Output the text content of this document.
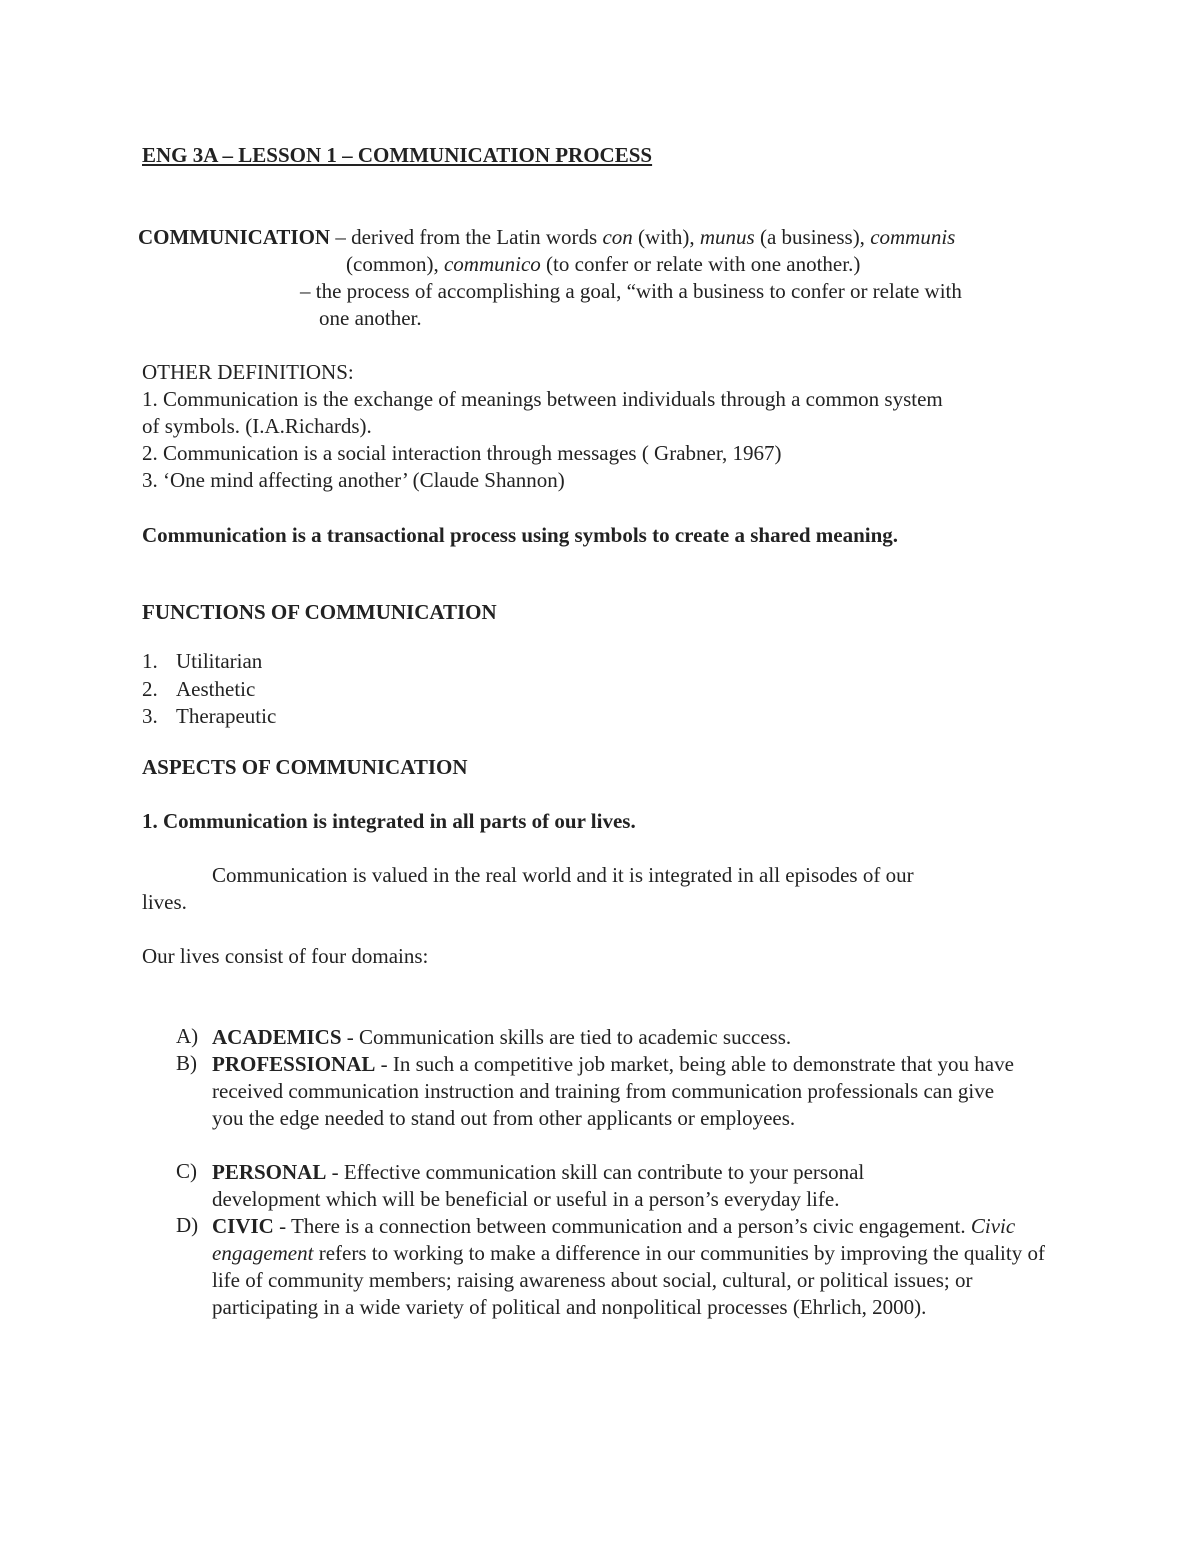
ENG 3A – LESSON 1 – COMMUNICATION PROCESS
COMMUNICATION – derived from the Latin words con (with), munus (a business), communis
(common), communico (to confer or relate with one another.)
– the process of accomplishing a goal, “with a business to confer or relate with
one another.
OTHER DEFINITIONS:
1. Communication is the exchange of meanings between individuals through a common system
of symbols. (I.A.Richards).
2. Communication is a social interaction through messages ( Grabner, 1967)
3. ‘One mind affecting another’ (Claude Shannon)
Communication is a transactional process using symbols to create a shared meaning.
FUNCTIONS OF COMMUNICATION
1. Utilitarian
2. Aesthetic
3. Therapeutic
ASPECTS OF COMMUNICATION
1. Communication is integrated in all parts of our lives.
Communication is valued in the real world and it is integrated in all episodes of our
lives.
Our lives consist of four domains:
A) ACADEMICS - Communication skills are tied to academic success.
B) PROFESSIONAL - In such a competitive job market, being able to demonstrate that you have received communication instruction and training from communication professionals can give you the edge needed to stand out from other applicants or employees.
C) PERSONAL - Effective communication skill can contribute to your personal development which will be beneficial or useful in a person’s everyday life.
D) CIVIC - There is a connection between communication and a person’s civic engagement. Civic engagement refers to working to make a difference in our communities by improving the quality of life of community members; raising awareness about social, cultural, or political issues; or participating in a wide variety of political and nonpolitical processes (Ehrlich, 2000).
